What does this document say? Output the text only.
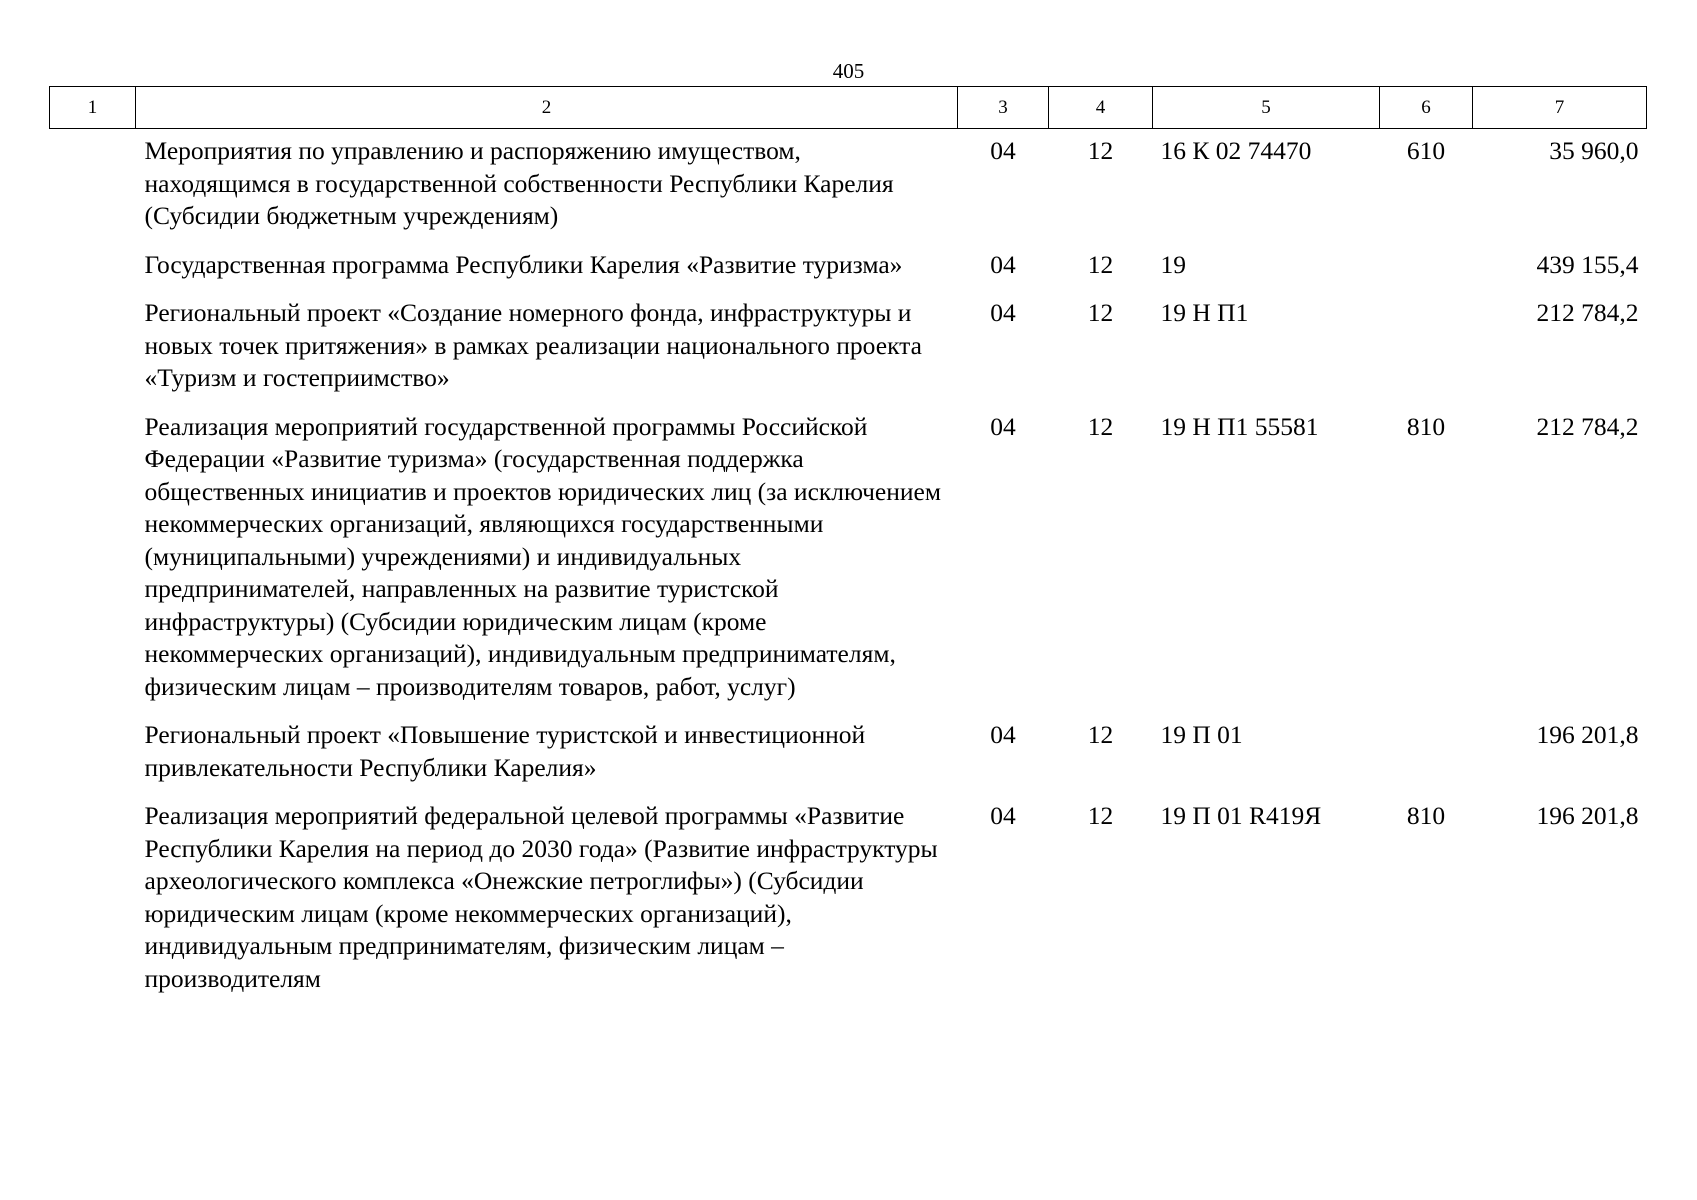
405
1	2	3	4	5	6	7
	Мероприятия по управлению и распоряжению имуществом, находящимся в государственной собственности Республики Карелия (Субсидии бюджетным учреждениям)	04	12	16 К 02 74470	610	35 960,0
	Государственная программа Республики Карелия «Развитие туризма»	04	12	19		439 155,4
	Региональный проект «Создание номерного фонда, инфраструктуры и новых точек притяжения» в рамках реализации национального проекта «Туризм и гостеприимство»	04	12	19 Н П1		212 784,2
	Реализация мероприятий государственной программы Российской Федерации «Развитие туризма» (государственная поддержка общественных инициатив и проектов юридических лиц (за исключением некоммерческих организаций, являющихся государственными (муниципальными) учреждениями) и индивидуальных предпринимателей, направленных на развитие туристской инфраструктуры) (Субсидии юридическим лицам (кроме некоммерческих организаций), индивидуальным предпринимателям, физическим лицам – производителям товаров, работ, услуг)	04	12	19 Н П1 55581	810	212 784,2
	Региональный проект «Повышение туристской и инвестиционной привлекательности Республики Карелия»	04	12	19 П 01		196 201,8
	Реализация мероприятий федеральной целевой программы «Развитие Республики Карелия на период до 2030 года» (Развитие инфраструктуры археологического комплекса «Онежские петроглифы») (Субсидии юридическим лицам (кроме некоммерческих организаций), индивидуальным предпринимателям, физическим лицам – производителям	04	12	19 П 01 R419Я	810	196 201,8
